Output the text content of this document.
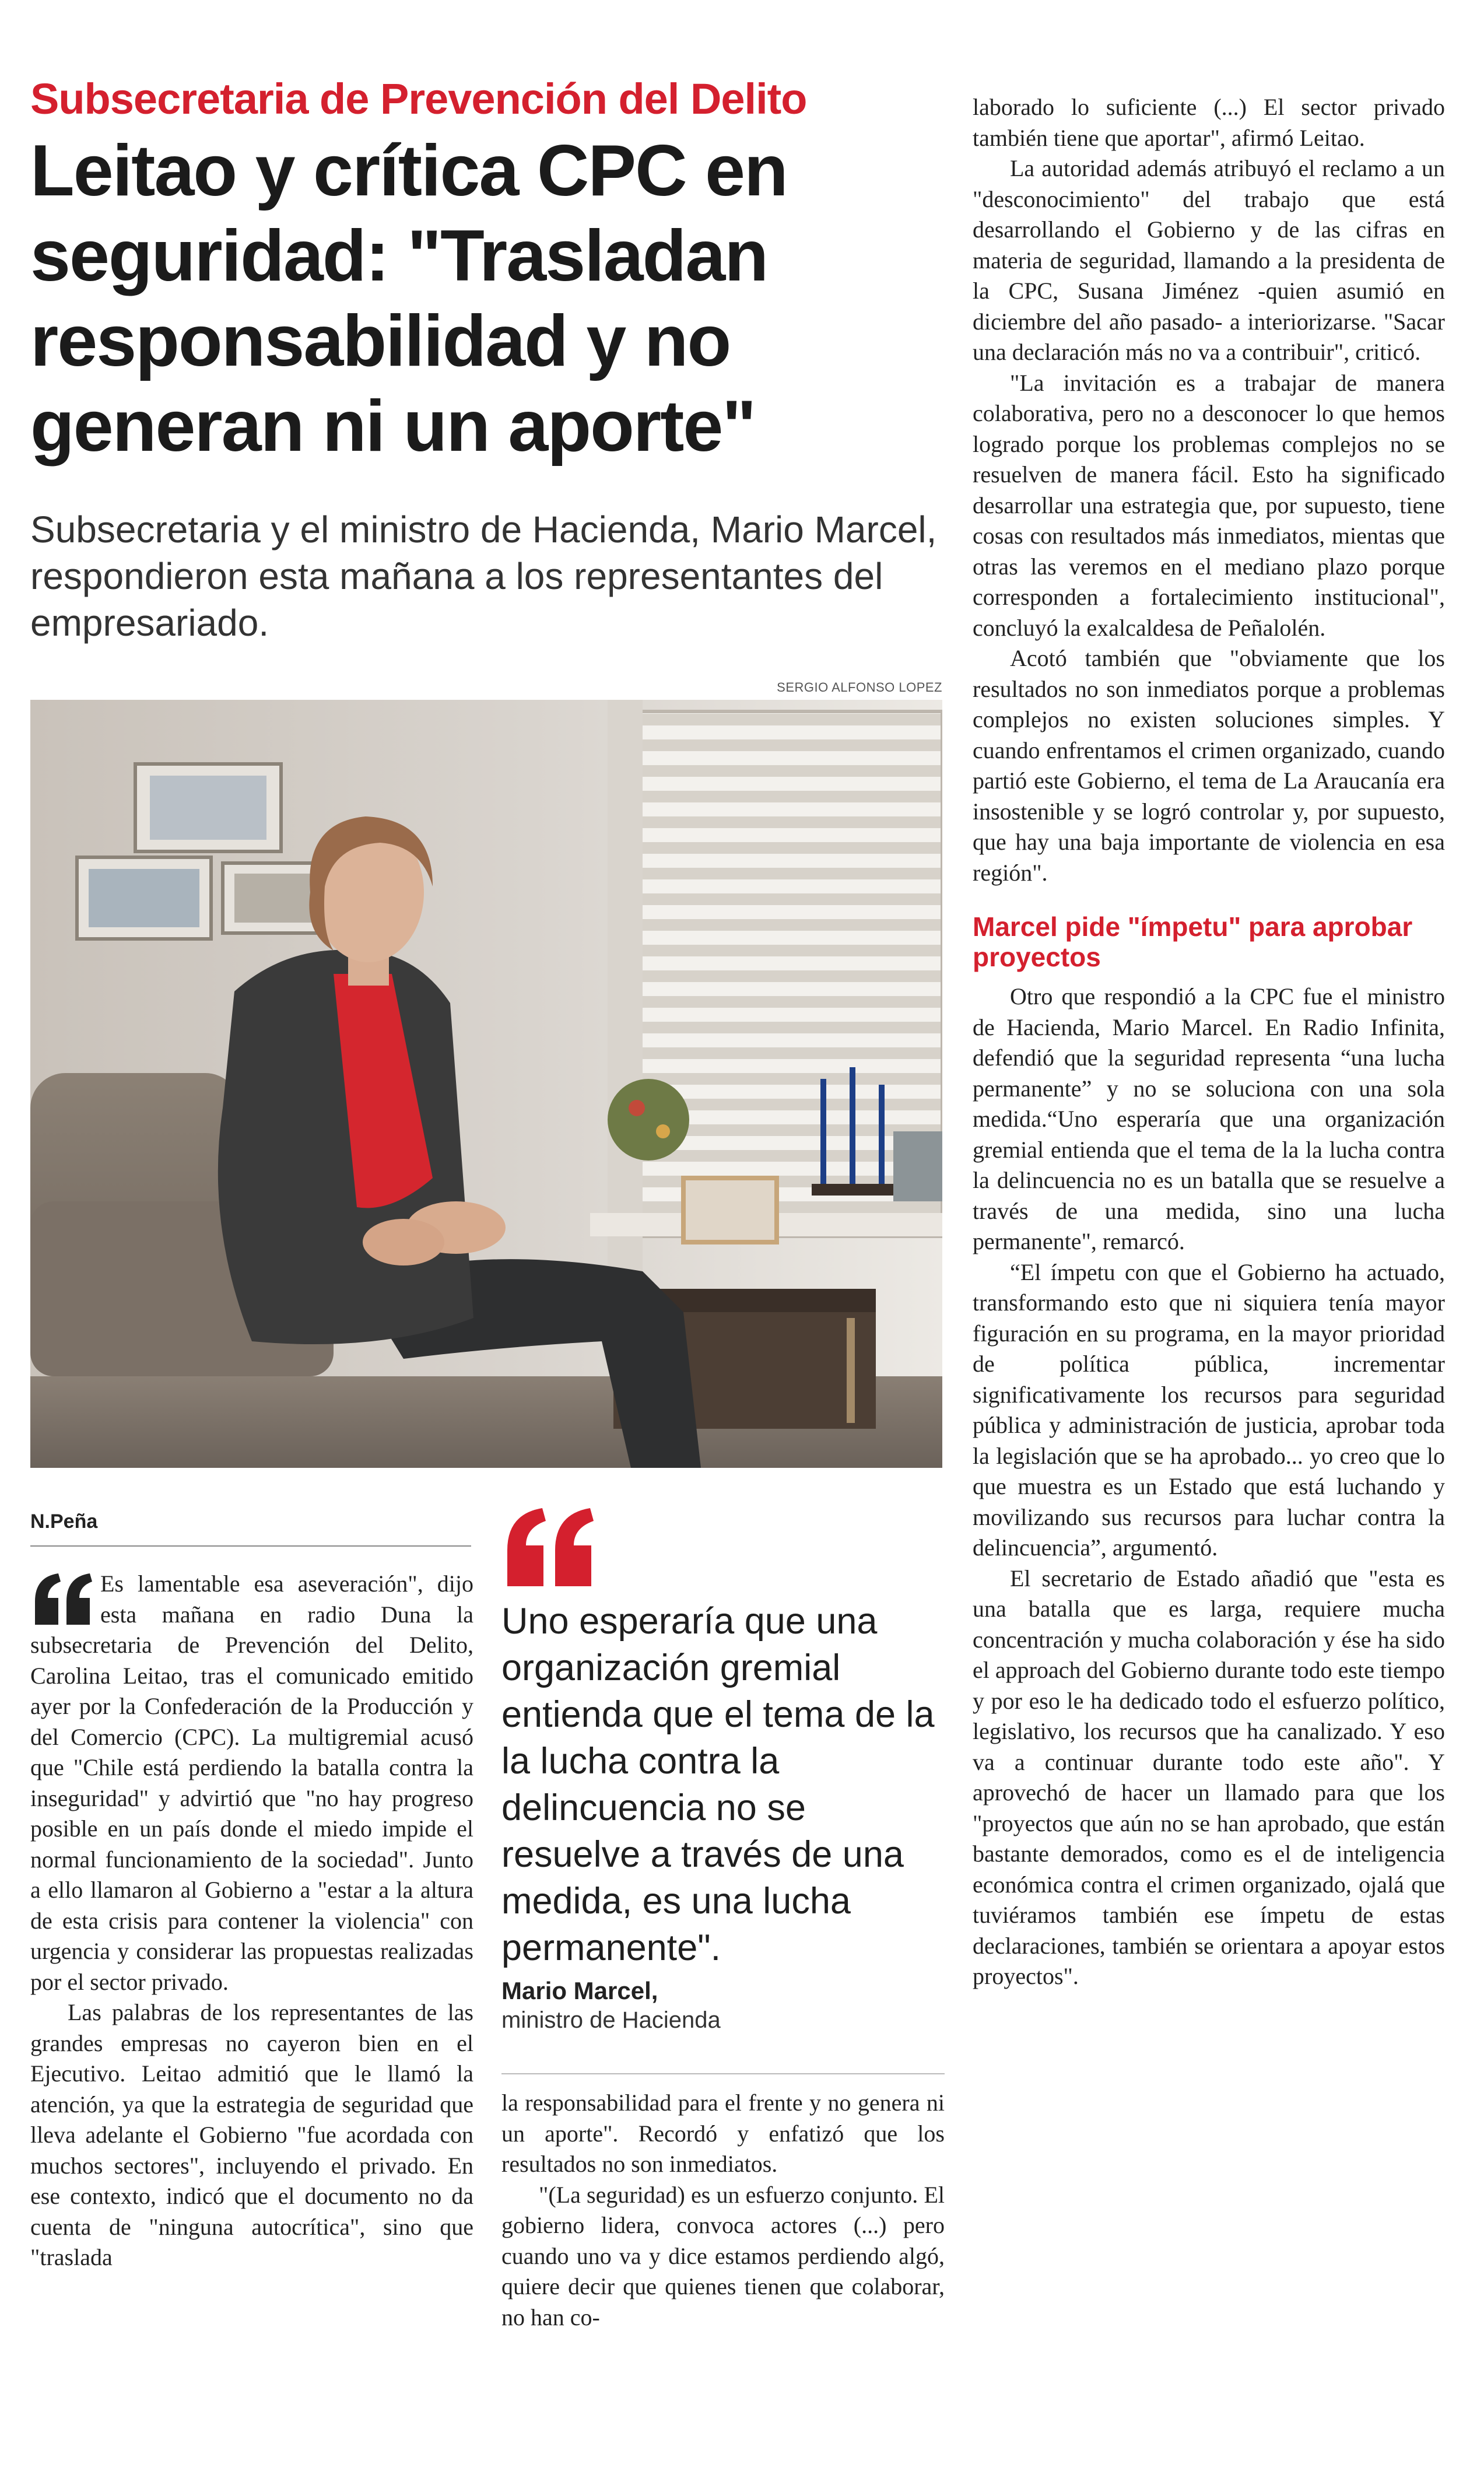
Subsecretaria de Prevención del Delito
Leitao y crítica CPC en seguridad: "Trasladan responsabilidad y no generan ni un aporte"
Subsecretaria y el ministro de Hacienda, Mario Marcel, respondieron esta mañana a los representantes del empresariado.
SERGIO ALFONSO LOPEZ
N.Peña

Es lamentable esa aseveración", dijo esta mañana en radio Duna la subsecretaria de Prevención del Delito, Carolina Leitao, tras el comunicado emitido ayer por la Confederación de la Producción y del Comercio (CPC). La multigremial acusó que "Chile está perdiendo la batalla contra la inseguridad" y advirtió que "no hay progreso posible en un país donde el miedo impide el normal funcionamiento de la sociedad". Junto a ello llamaron al Gobierno a "estar a la altura de esta crisis para contener la violencia" con urgencia y considerar las propuestas realizadas por el sector privado.

Las palabras de los representantes de las grandes empresas no cayeron bien en el Ejecutivo. Leitao admitió que le llamó la atención, ya que la estrategia de seguridad que lleva adelante el Gobierno "fue acordada con muchos sectores", incluyendo el privado. En ese contexto, indicó que el documento no da cuenta de "ninguna autocrítica", sino que "traslada

Uno esperaría que una organización gremial entienda que el tema de la la lucha contra la delincuencia no se resuelve a través de una medida, es una lucha permanente".
Mario Marcel,
ministro de Hacienda

la responsabilidad para el frente y no genera ni un aporte". Recordó y enfatizó que los resultados no son inmediatos.

"(La seguridad) es un esfuerzo conjunto. El gobierno lidera, convoca actores (...) pero cuando uno va y dice estamos perdiendo algó, quiere decir que quienes tienen que colaborar, no han co-

laborado lo suficiente (...) El sector privado también tiene que aportar", afirmó Leitao.

La autoridad además atribuyó el reclamo a un "desconocimiento" del trabajo que está desarrollando el Gobierno y de las cifras en materia de seguridad, llamando a la presidenta de la CPC, Susana Jiménez -quien asumió en diciembre del año pasado- a interiorizarse. "Sacar una declaración más no va a contribuir", criticó.

"La invitación es a trabajar de manera colaborativa, pero no a desconocer lo que hemos logrado porque los problemas complejos no se resuelven de manera fácil. Esto ha significado desarrollar una estrategia que, por supuesto, tiene cosas con resultados más inmediatos, mientas que otras las veremos en el mediano plazo porque corresponden a fortalecimiento institucional", concluyó la exalcaldesa de Peñalolén.

Acotó también que "obviamente que los resultados no son inmediatos porque a problemas complejos no existen soluciones simples. Y cuando enfrentamos el crimen organizado, cuando partió este Gobierno, el tema de La Araucanía era insostenible y se logró controlar y, por supuesto, que hay una baja importante de violencia en esa región".

Marcel pide "ímpetu" para aprobar proyectos

Otro que respondió a la CPC fue el ministro de Hacienda, Mario Marcel. En Radio Infinita, defendió que la seguridad representa “una lucha permanente” y no se soluciona con una sola medida.“Uno esperaría que una organización gremial entienda que el tema de la la lucha contra la delincuencia no es un batalla que se resuelve a través de una medida, sino una lucha permanente", remarcó.

“El ímpetu con que el Gobierno ha actuado, transformando esto que ni siquiera tenía mayor figuración en su programa, en la mayor prioridad de política pública, incrementar significativamente los recursos para seguridad pública y administración de justicia, aprobar toda la legislación que se ha aprobado... yo creo que lo que muestra es un Estado que está luchando y movilizando sus recursos para luchar contra la delincuencia”, argumentó.

El secretario de Estado añadió que "esta es una batalla que es larga, requiere mucha concentración y mucha colaboración y ése ha sido el approach del Gobierno durante todo este tiempo y por eso le ha dedicado todo el esfuerzo político, legislativo, los recursos que ha canalizado. Y eso va a continuar durante todo este año". Y aprovechó de hacer un llamado para que los "proyectos que aún no se han aprobado, que están bastante demorados, como es el de inteligencia económica contra el crimen organizado, ojalá que tuviéramos también ese ímpetu de estas declaraciones, también se orientara a apoyar estos proyectos".
